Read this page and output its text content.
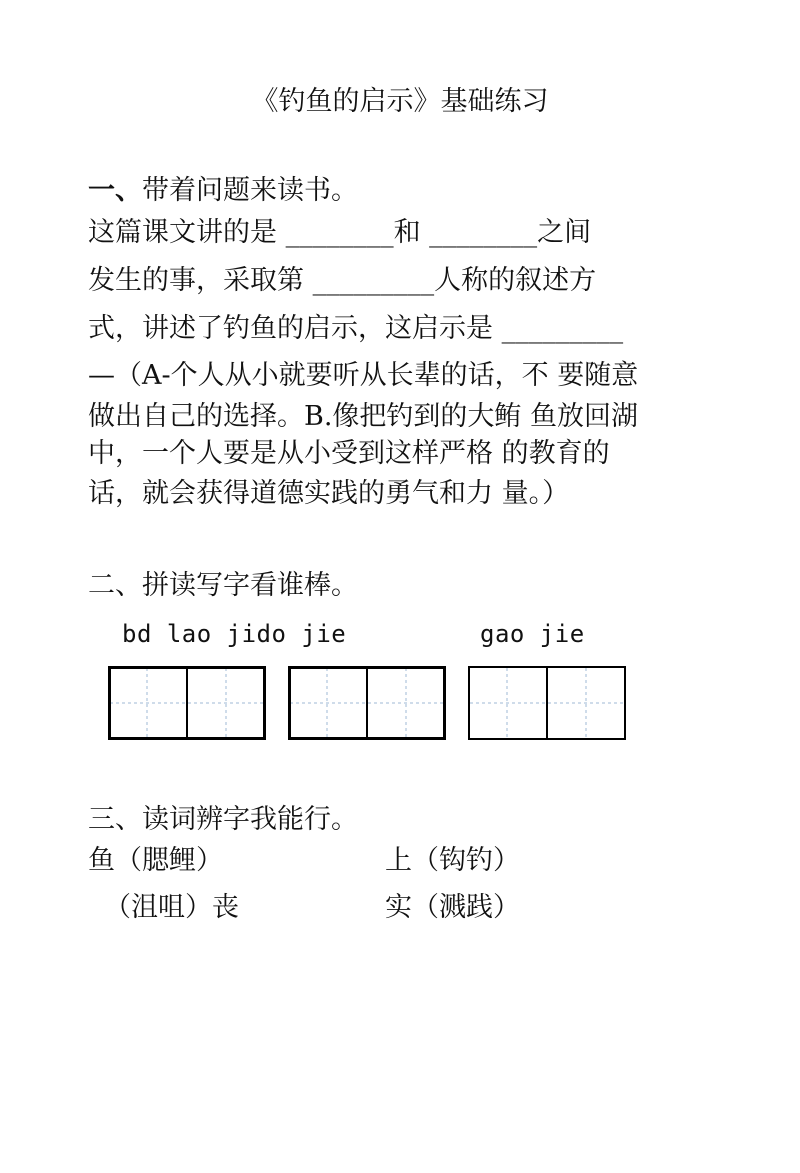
《钓鱼的启示》基础练习
一、带着问题来读书。
这篇课文讲的是 ________和 ________之间
发生的事，采取第 _________人称的叙述方
式，讲述了钓鱼的启示，这启示是 _________
—（A-个人从小就要听从长辈的话，不 要随意
做出自己的选择。B.像把钓到的大鲔 鱼放回湖
中，一个人要是从小受到这样严格 的教育的
话，就会获得道德实践的勇气和力 量。）
二、拼读写字看谁棒。
bd lao jido jie	gao jie
三、读词辨字我能行。
鱼（腮鲤）	上（钩钓）
（沮咀）丧	实（溅践）
